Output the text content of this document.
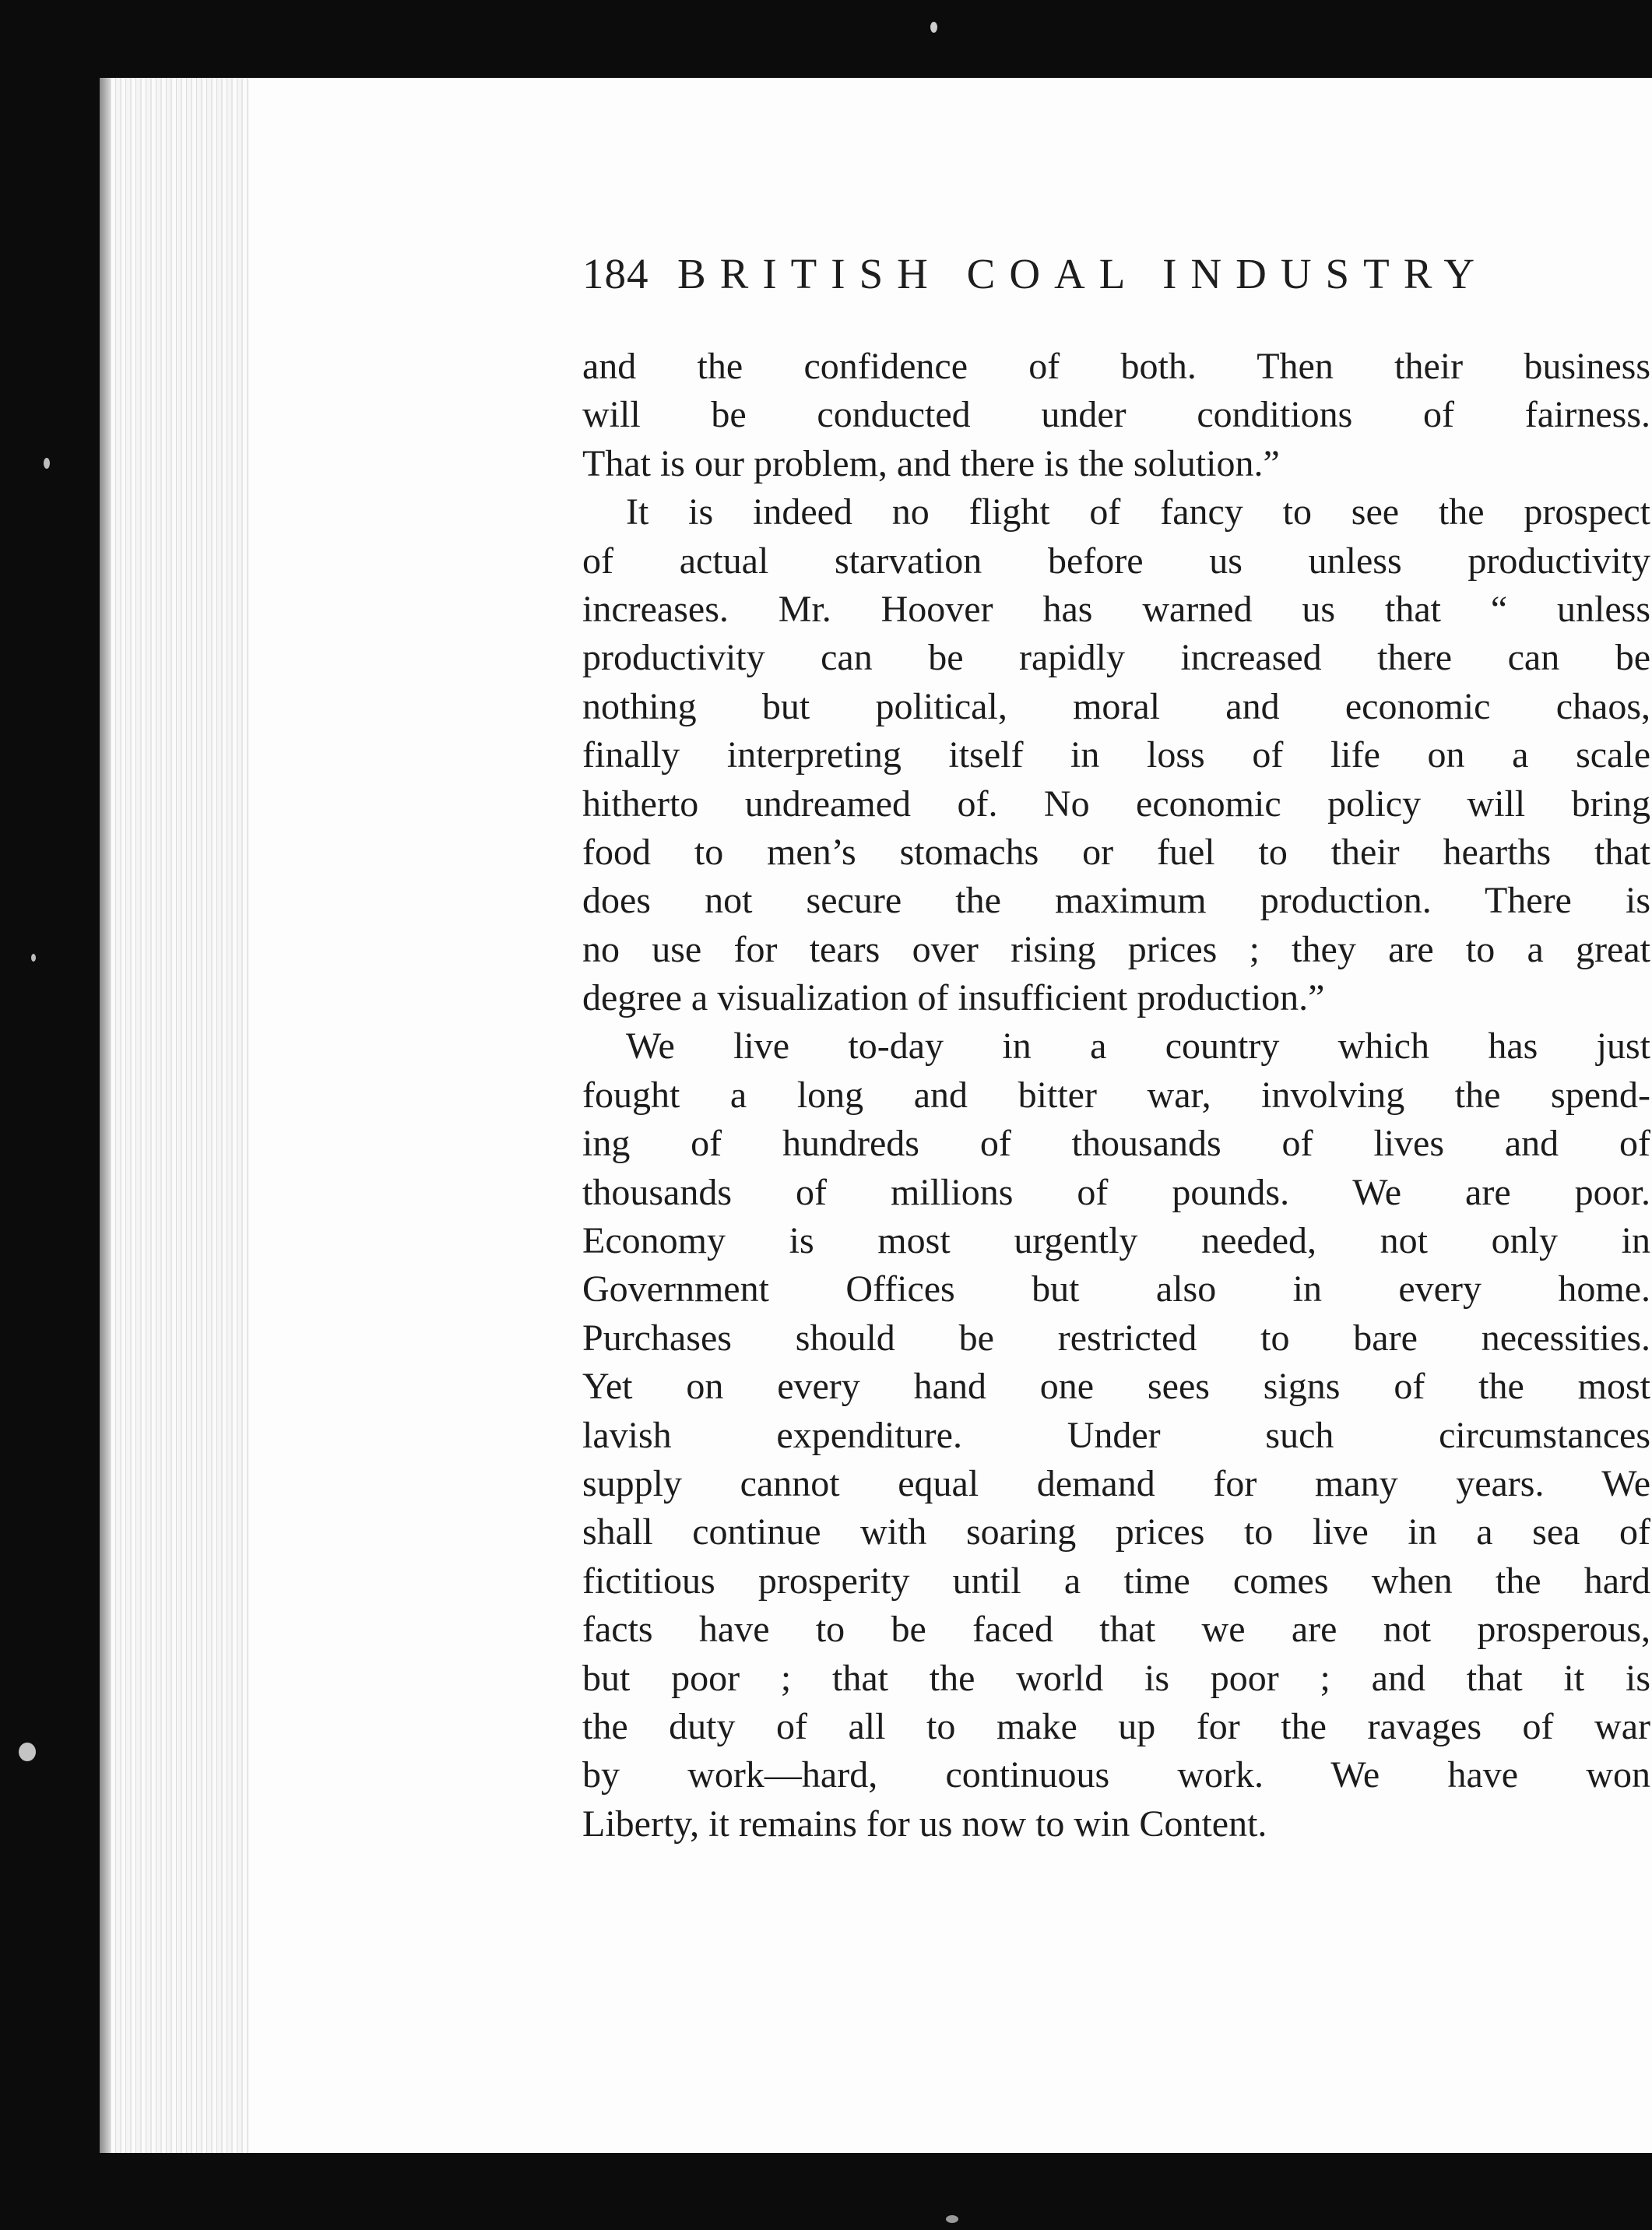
184 BRITISH COAL INDUSTRY
and the confidence of both. Then their business
will be conducted under conditions of fairness.
That is our problem, and there is the solution.”
It is indeed no flight of fancy to see the prospect
of actual starvation before us unless productivity
increases. Mr. Hoover has warned us that “ unless
productivity can be rapidly increased there can be
nothing but political, moral and economic chaos,
finally interpreting itself in loss of life on a scale
hitherto undreamed of. No economic policy will bring
food to men’s stomachs or fuel to their hearths that
does not secure the maximum production. There is
no use for tears over rising prices ; they are to a great
degree a visualization of insufficient production.”
We live to-day in a country which has just
fought a long and bitter war, involving the spend-
ing of hundreds of thousands of lives and of
thousands of millions of pounds. We are poor.
Economy is most urgently needed, not only in
Government Offices but also in every home.
Purchases should be restricted to bare necessities.
Yet on every hand one sees signs of the most
lavish expenditure. Under such circumstances
supply cannot equal demand for many years. We
shall continue with soaring prices to live in a sea of
fictitious prosperity until a time comes when the hard
facts have to be faced that we are not prosperous,
but poor ; that the world is poor ; and that it is
the duty of all to make up for the ravages of war
by work—hard, continuous work. We have won
Liberty, it remains for us now to win Content.
